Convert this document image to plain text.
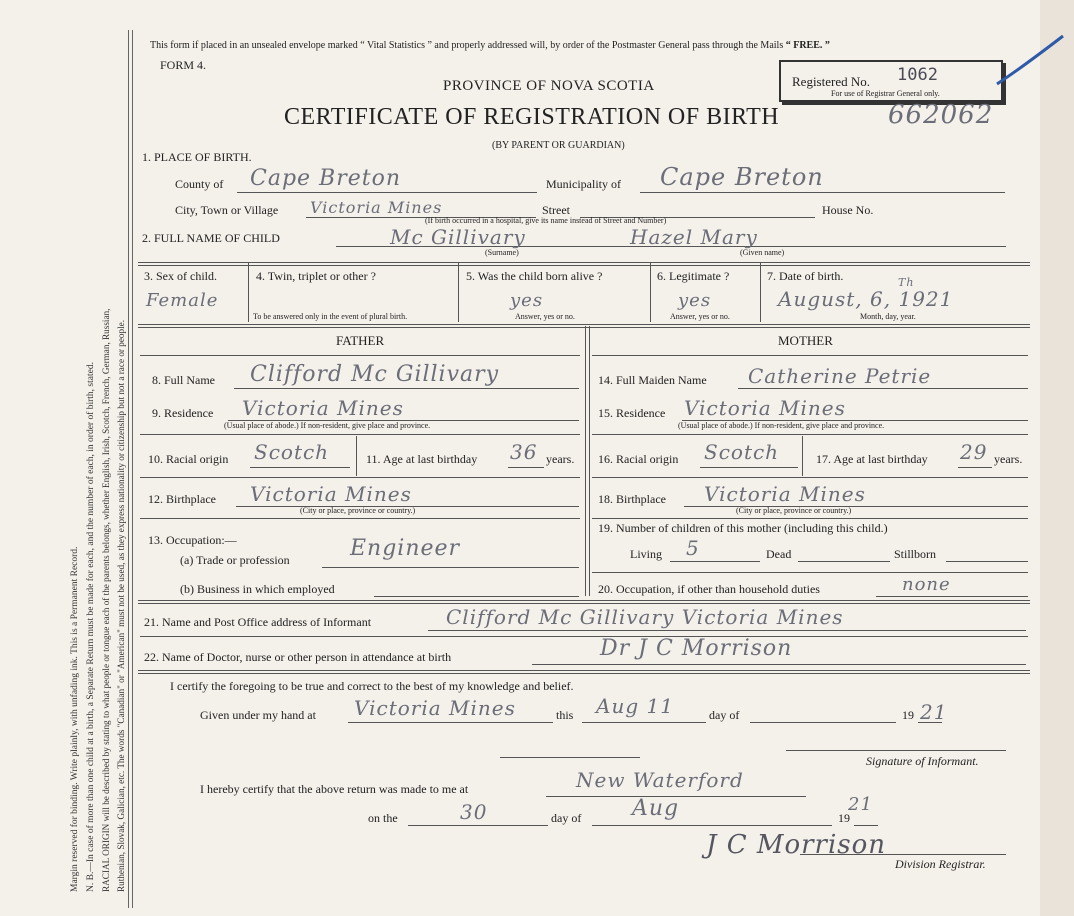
Margin reserved for binding. Write plainly, with unfading ink. This is a Permanent Record. N. B.—In case of more than one child at a birth, a Separate Return must be made for each, and the number of each, in order of birth, stated. RACIAL ORIGIN will be described by stating to what people or tongue each of the parents belongs, whether English, Irish, Scotch, French, German, Russian, Ruthenian, Slovak, Galician, etc. The words "Canadian" or "American" must not be used, as they express nationality or citizenship but not a race or people.
This form if placed in an unsealed envelope marked “ Vital Statistics ” and properly addressed will, by order of the Postmaster General pass through the Mails “ FREE. ”
FORM 4.
PROVINCE OF NOVA SCOTIA	Registered No. 1062
For use of Registrar General only.
CERTIFICATE OF REGISTRATION OF BIRTH	662062
(BY PARENT OR GUARDIAN)
1. PLACE OF BIRTH.
County of Cape Breton	Municipality of Cape Breton
City, Town or Village Victoria Mines	Street	House No.
(If birth occurred in a hospital, give its name instead of Street and Number)
2. FULL NAME OF CHILD	Mc Gillivary	Hazel Mary
(Surname)	(Given name)
3. Sex of child.
Female
4. Twin, triplet or other ?
To be answered only in the event of plural birth.
5. Was the child born alive ?
yes
Answer, yes or no.
6. Legitimate ?
yes
Answer, yes or no.
7. Date of birth.
August, 6, 1921
Th
Month, day, year.
FATHER
8. Full Name Clifford Mc Gillivary
9. Residence Victoria Mines
(Usual place of abode.) If non-resident, give place and province.
10. Racial origin Scotch	11. Age at last birthday 36 years.
12. Birthplace Victoria Mines
(City or place, province or country.)
13. Occupation:—
(a) Trade or profession	Engineer
(b) Business in which employed
MOTHER
14. Full Maiden Name Catherine Petrie
15. Residence Victoria Mines
(Usual place of abode.) If non-resident, give place and province.
16. Racial origin Scotch	17. Age at last birthday 29 years.
18. Birthplace Victoria Mines
(City or place, province or country.)
19. Number of children of this mother (including this child.)
Living 5	Dead	Stillborn
20. Occupation, if other than household duties	none
21. Name and Post Office address of Informant	Clifford Mc Gillivary Victoria Mines
22. Name of Doctor, nurse or other person in attendance at birth	Dr J C Morrison
I certify the foregoing to be true and correct to the best of my knowledge and belief.
Given under my hand at Victoria Mines	this Aug 11	day of	19 21
Signature of Informant.
I hereby certify that the above return was made to me at	New Waterford
on the	30	day of Aug	19
21
J C Morrison
Division Registrar.
